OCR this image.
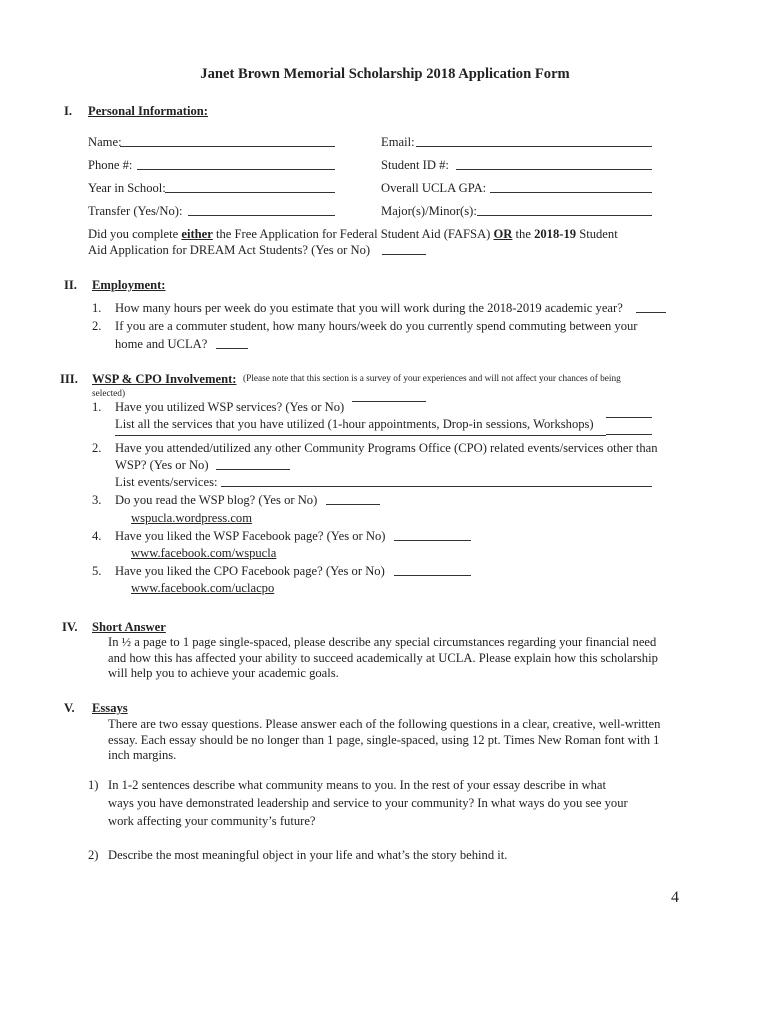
Janet Brown Memorial Scholarship 2018 Application Form
I. Personal Information:
Name:	Email:
Phone #:	Student ID #:
Year in School:	Overall UCLA GPA:
Transfer (Yes/No):	Major(s)/Minor(s):
Did you complete either the Free Application for Federal Student Aid (FAFSA) OR the 2018-19 Student
Aid Application for DREAM Act Students? (Yes or No)
II. Employment:
1. How many hours per week do you estimate that you will work during the 2018-2019 academic year?
2. If you are a commuter student, how many hours/week do you currently spend commuting between your
home and UCLA?
III. WSP & CPO Involvement: (Please note that this section is a survey of your experiences and will not affect your chances of being
selected)
1. Have you utilized WSP services? (Yes or No)
List all the services that you have utilized (1-hour appointments, Drop-in sessions, Workshops)
2. Have you attended/utilized any other Community Programs Office (CPO) related events/services other than
WSP? (Yes or No)
List events/services:
3. Do you read the WSP blog? (Yes or No)
wspucla.wordpress.com
4. Have you liked the WSP Facebook page? (Yes or No)
www.facebook.com/wspucla
5. Have you liked the CPO Facebook page? (Yes or No)
www.facebook.com/uclacpo
IV. Short Answer
In ½ a page to 1 page single-spaced, please describe any special circumstances regarding your financial need
and how this has affected your ability to succeed academically at UCLA. Please explain how this scholarship
will help you to achieve your academic goals.
V. Essays
There are two essay questions. Please answer each of the following questions in a clear, creative, well-written
essay. Each essay should be no longer than 1 page, single-spaced, using 12 pt. Times New Roman font with 1
inch margins.
1) In 1-2 sentences describe what community means to you. In the rest of your essay describe in what
ways you have demonstrated leadership and service to your community? In what ways do you see your
work affecting your community’s future?
2) Describe the most meaningful object in your life and what’s the story behind it.
4
